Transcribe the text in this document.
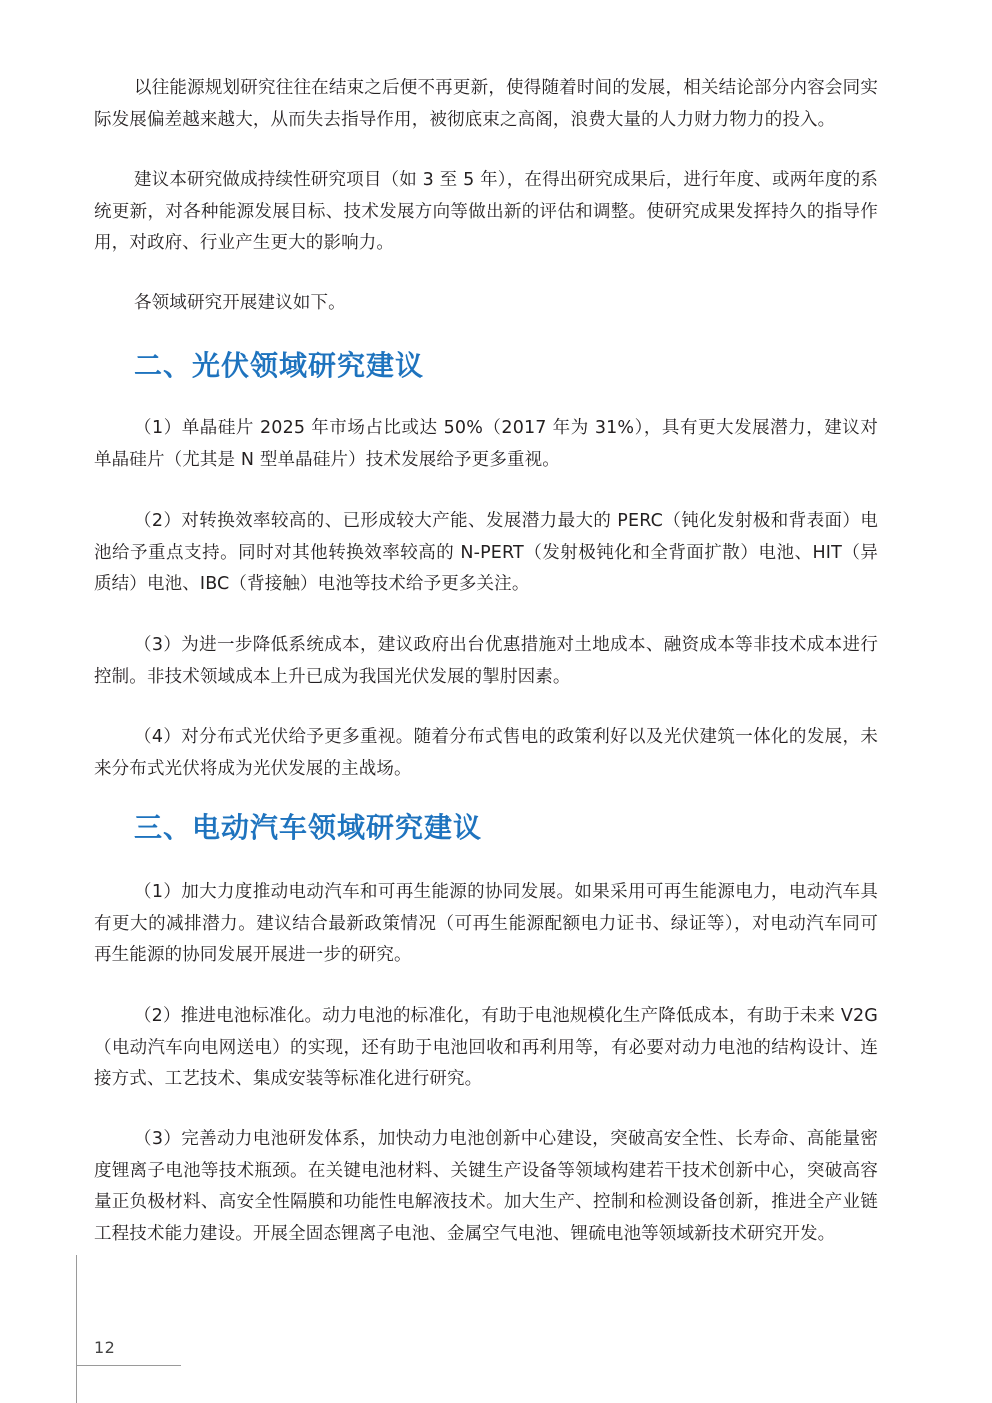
以往能源规划研究往往在结束之后便不再更新，使得随着时间的发展，相关结论部分内容会同实际发展偏差越来越大，从而失去指导作用，被彻底束之高阁，浪费大量的人力财力物力的投入。

建议本研究做成持续性研究项目（如 3 至 5 年），在得出研究成果后，进行年度、或两年度的系统更新，对各种能源发展目标、技术发展方向等做出新的评估和调整。使研究成果发挥持久的指导作用，对政府、行业产生更大的影响力。

各领域研究开展建议如下。

二、光伏领域研究建议

（1）单晶硅片 2025 年市场占比或达 50%（2017 年为 31%），具有更大发展潜力，建议对单晶硅片（尤其是 N 型单晶硅片）技术发展给予更多重视。

（2）对转换效率较高的、已形成较大产能、发展潜力最大的 PERC（钝化发射极和背表面）电池给予重点支持。同时对其他转换效率较高的 N-PERT（发射极钝化和全背面扩散）电池、HIT（异质结）电池、IBC（背接触）电池等技术给予更多关注。

（3）为进一步降低系统成本，建议政府出台优惠措施对土地成本、融资成本等非技术成本进行控制。非技术领域成本上升已成为我国光伏发展的掣肘因素。

（4）对分布式光伏给予更多重视。随着分布式售电的政策利好以及光伏建筑一体化的发展，未来分布式光伏将成为光伏发展的主战场。

三、电动汽车领域研究建议

（1）加大力度推动电动汽车和可再生能源的协同发展。如果采用可再生能源电力，电动汽车具有更大的减排潜力。建议结合最新政策情况（可再生能源配额电力证书、绿证等），对电动汽车同可再生能源的协同发展开展进一步的研究。

（2）推进电池标准化。动力电池的标准化，有助于电池规模化生产降低成本，有助于未来 V2G（电动汽车向电网送电）的实现，还有助于电池回收和再利用等，有必要对动力电池的结构设计、连接方式、工艺技术、集成安装等标准化进行研究。

（3）完善动力电池研发体系，加快动力电池创新中心建设，突破高安全性、长寿命、高能量密度锂离子电池等技术瓶颈。在关键电池材料、关键生产设备等领域构建若干技术创新中心，突破高容量正负极材料、高安全性隔膜和功能性电解液技术。加大生产、控制和检测设备创新，推进全产业链工程技术能力建设。开展全固态锂离子电池、金属空气电池、锂硫电池等领域新技术研究开发。

12
